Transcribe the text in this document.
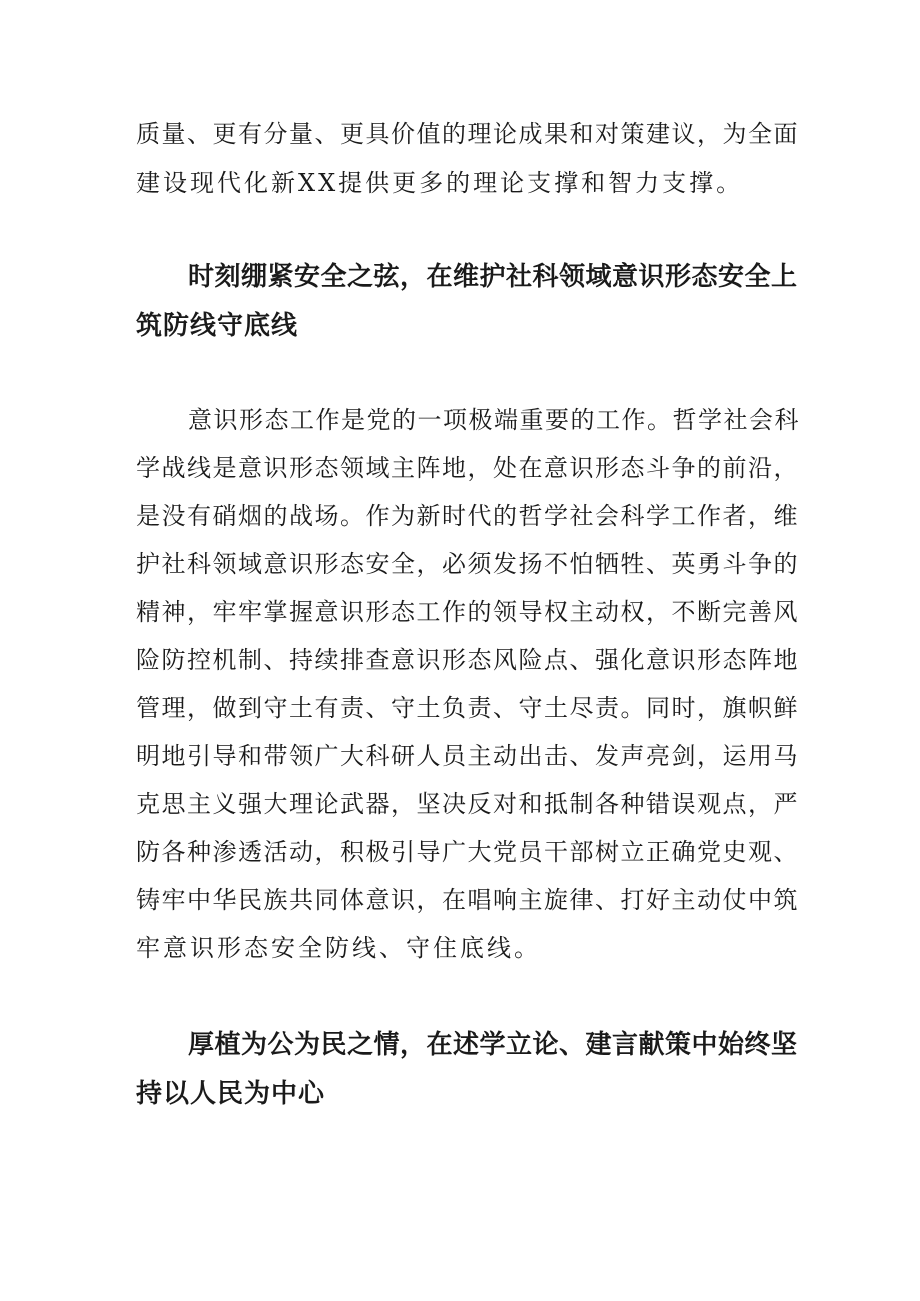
质量、更有分量、更具价值的理论成果和对策建议，为全面

建设现代化新XX提供更多的理论支撑和智力支撑。

时刻绷紧安全之弦，在维护社科领域意识形态安全上

筑防线守底线

意识形态工作是党的一项极端重要的工作。哲学社会科

学战线是意识形态领域主阵地，处在意识形态斗争的前沿，

是没有硝烟的战场。作为新时代的哲学社会科学工作者，维

护社科领域意识形态安全，必须发扬不怕牺牲、英勇斗争的

精神，牢牢掌握意识形态工作的领导权主动权，不断完善风

险防控机制、持续排查意识形态风险点、强化意识形态阵地

管理，做到守土有责、守土负责、守土尽责。同时，旗帜鲜

明地引导和带领广大科研人员主动出击、发声亮剑，运用马

克思主义强大理论武器，坚决反对和抵制各种错误观点，严

防各种渗透活动，积极引导广大党员干部树立正确党史观、

铸牢中华民族共同体意识，在唱响主旋律、打好主动仗中筑

牢意识形态安全防线、守住底线。

厚植为公为民之情，在述学立论、建言献策中始终坚

持以人民为中心
